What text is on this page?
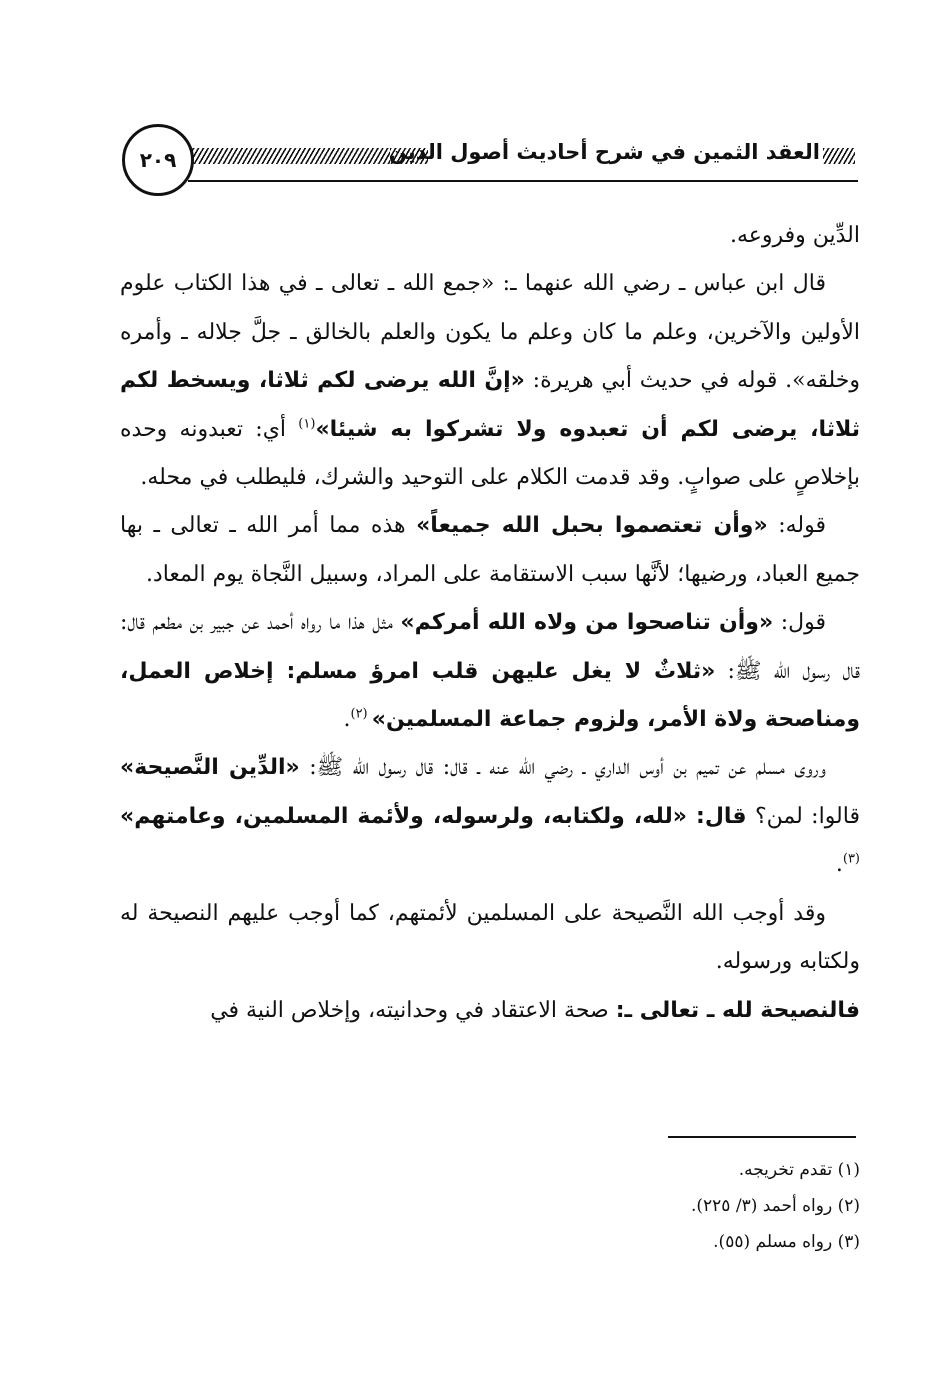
٢٠٩	العقد الثمين في شرح أحاديث أصول الدين

الدِّين وفروعه.

قال ابن عباس ـ رضي الله عنهما ـ: «جمع الله ـ تعالى ـ في هذا الكتاب علوم الأولين والآخرين، وعلم ما كان وعلم ما يكون والعلم بالخالق ـ جلَّ جلاله ـ وأمره وخلقه». قوله في حديث أبي هريرة: «إنَّ الله يرضى لكم ثلاثا، ويسخط لكم ثلاثا، يرضى لكم أن تعبدوه ولا تشركوا به شيئا»$^{(١)}$ أي: تعبدونه وحده بإخلاصٍ على صوابٍ. وقد قدمت الكلام على التوحيد والشرك، فليطلب في محله.

قوله: «وأن تعتصموا بحبل الله جميعاً» هذه مما أمر الله ـ تعالى ـ بها جميع العباد، ورضيها؛ لأنَّها سبب الاستقامة على المراد، وسبيل النَّجاة يوم المعاد.

قول: «وأن تناصحوا من ولاه الله أمركم» مثل هذا ما رواه أحمد عن جبير بن مطعم قال: قال رسول الله ﷺ: «ثلاثٌ لا يغل عليهن قلب امرؤ مسلم: إخلاص العمل، ومناصحة ولاة الأمر، ولزوم جماعة المسلمين» $^{(٢)}$.

وروى مسلم عن تميم بن أوس الداري ـ رضي الله عنه ـ قال: قال رسول الله ﷺ: «الدِّين النَّصيحة» قالوا: لمن؟ قال: «لله، ولكتابه، ولرسوله، ولأئمة المسلمين، وعامتهم» $^{(٣)}$.

وقد أوجب الله النَّصيحة على المسلمين لأئمتهم، كما أوجب عليهم النصيحة له ولكتابه ورسوله.

فالنصيحة لله ـ تعالى ـ: صحة الاعتقاد في وحدانيته، وإخلاص النية في

(١) تقدم تخريجه.
(٢) رواه أحمد (٣/ ٢٢٥).
(٣) رواه مسلم (٥٥).
